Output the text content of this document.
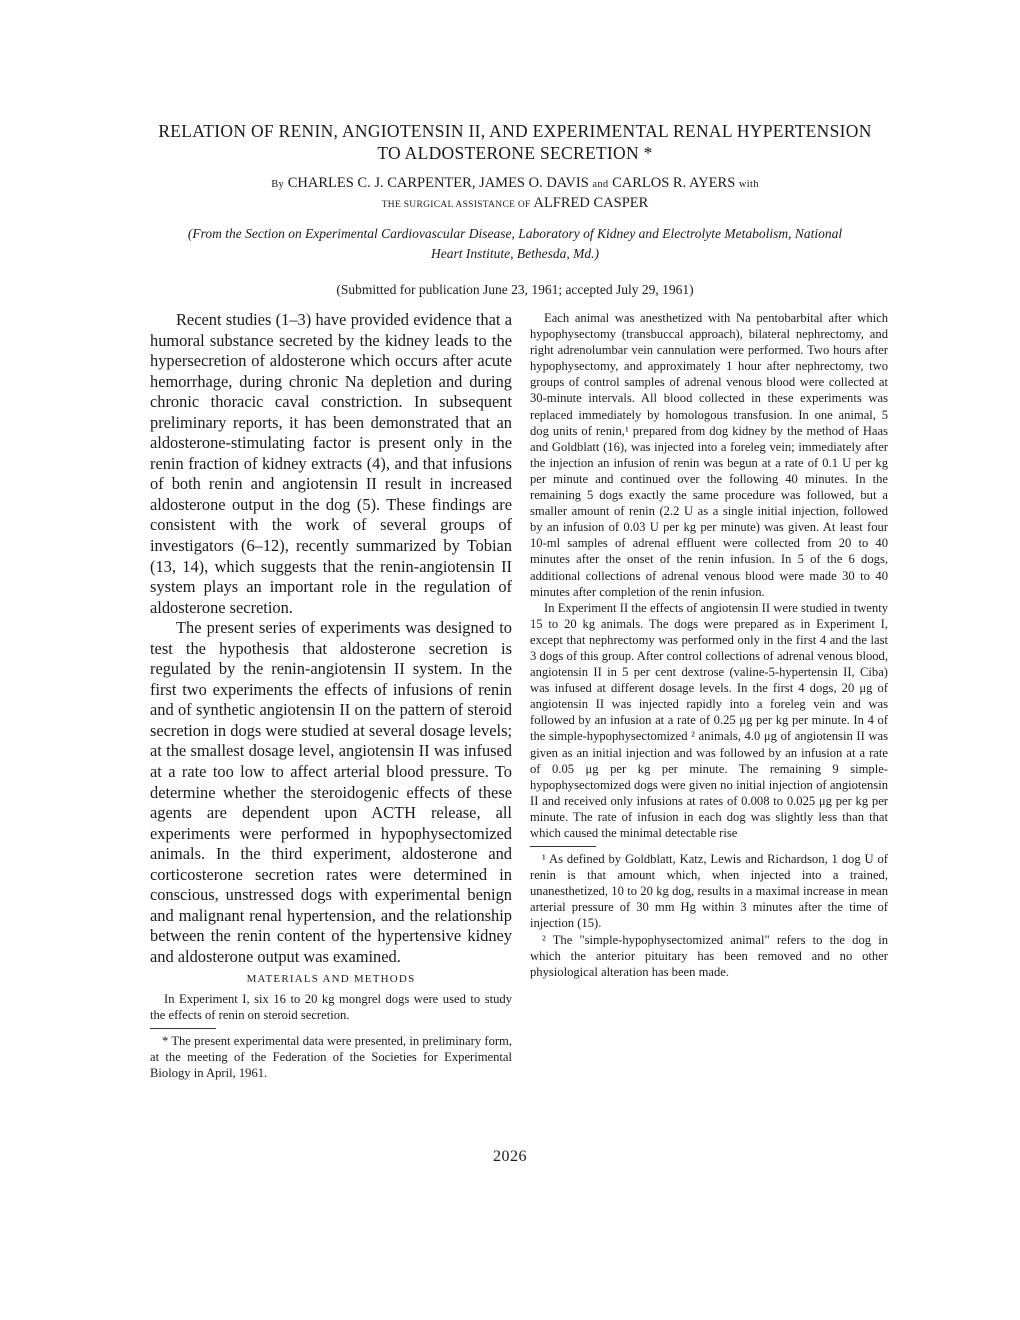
RELATION OF RENIN, ANGIOTENSIN II, AND EXPERIMENTAL RENAL HYPERTENSION TO ALDOSTERONE SECRETION *
By CHARLES C. J. CARPENTER, JAMES O. DAVIS and CARLOS R. AYERS with
THE SURGICAL ASSISTANCE OF ALFRED CASPER
(From the Section on Experimental Cardiovascular Disease, Laboratory of Kidney and Electrolyte Metabolism, National Heart Institute, Bethesda, Md.)
(Submitted for publication June 23, 1961; accepted July 29, 1961)

Recent studies (1–3) have provided evidence that a humoral substance secreted by the kidney leads to the hypersecretion of aldosterone which occurs after acute hemorrhage, during chronic Na depletion and during chronic thoracic caval constriction. In subsequent preliminary reports, it has been demonstrated that an aldosterone-stimulating factor is present only in the renin fraction of kidney extracts (4), and that infusions of both renin and angiotensin II result in increased aldosterone output in the dog (5). These findings are consistent with the work of several groups of investigators (6–12), recently summarized by Tobian (13, 14), which suggests that the renin-angiotensin II system plays an important role in the regulation of aldosterone secretion.

The present series of experiments was designed to test the hypothesis that aldosterone secretion is regulated by the renin-angiotensin II system. In the first two experiments the effects of infusions of renin and of synthetic angiotensin II on the pattern of steroid secretion in dogs were studied at several dosage levels; at the smallest dosage level, angiotensin II was infused at a rate too low to affect arterial blood pressure. To determine whether the steroidogenic effects of these agents are dependent upon ACTH release, all experiments were performed in hypophysectomized animals. In the third experiment, aldosterone and corticosterone secretion rates were determined in conscious, unstressed dogs with experimental benign and malignant renal hypertension, and the relationship between the renin content of the hypertensive kidney and aldosterone output was examined.

MATERIALS AND METHODS

In Experiment I, six 16 to 20 kg mongrel dogs were used to study the effects of renin on steroid secretion.

* The present experimental data were presented, in preliminary form, at the meeting of the Federation of the Societies for Experimental Biology in April, 1961.

Each animal was anesthetized with Na pentobarbital after which hypophysectomy (transbuccal approach), bilateral nephrectomy, and right adrenolumbar vein cannulation were performed. Two hours after hypophysectomy, and approximately 1 hour after nephrectomy, two groups of control samples of adrenal venous blood were collected at 30-minute intervals. All blood collected in these experiments was replaced immediately by homologous transfusion. In one animal, 5 dog units of renin,¹ prepared from dog kidney by the method of Haas and Goldblatt (16), was injected into a foreleg vein; immediately after the injection an infusion of renin was begun at a rate of 0.1 U per kg per minute and continued over the following 40 minutes. In the remaining 5 dogs exactly the same procedure was followed, but a smaller amount of renin (2.2 U as a single initial injection, followed by an infusion of 0.03 U per kg per minute) was given. At least four 10-ml samples of adrenal effluent were collected from 20 to 40 minutes after the onset of the renin infusion. In 5 of the 6 dogs, additional collections of adrenal venous blood were made 30 to 40 minutes after completion of the renin infusion.

In Experiment II the effects of angiotensin II were studied in twenty 15 to 20 kg animals. The dogs were prepared as in Experiment I, except that nephrectomy was performed only in the first 4 and the last 3 dogs of this group. After control collections of adrenal venous blood, angiotensin II in 5 per cent dextrose (valine-5-hypertensin II, Ciba) was infused at different dosage levels. In the first 4 dogs, 20 μg of angiotensin II was injected rapidly into a foreleg vein and was followed by an infusion at a rate of 0.25 μg per kg per minute. In 4 of the simple-hypophysectomized ² animals, 4.0 μg of angiotensin II was given as an initial injection and was followed by an infusion at a rate of 0.05 μg per kg per minute. The remaining 9 simple-hypophysectomized dogs were given no initial injection of angiotensin II and received only infusions at rates of 0.008 to 0.025 μg per kg per minute. The rate of infusion in each dog was slightly less than that which caused the minimal detectable rise

¹ As defined by Goldblatt, Katz, Lewis and Richardson, 1 dog U of renin is that amount which, when injected into a trained, unanesthetized, 10 to 20 kg dog, results in a maximal increase in mean arterial pressure of 30 mm Hg within 3 minutes after the time of injection (15).

² The "simple-hypophysectomized animal" refers to the dog in which the anterior pituitary has been removed and no other physiological alteration has been made.

2026
